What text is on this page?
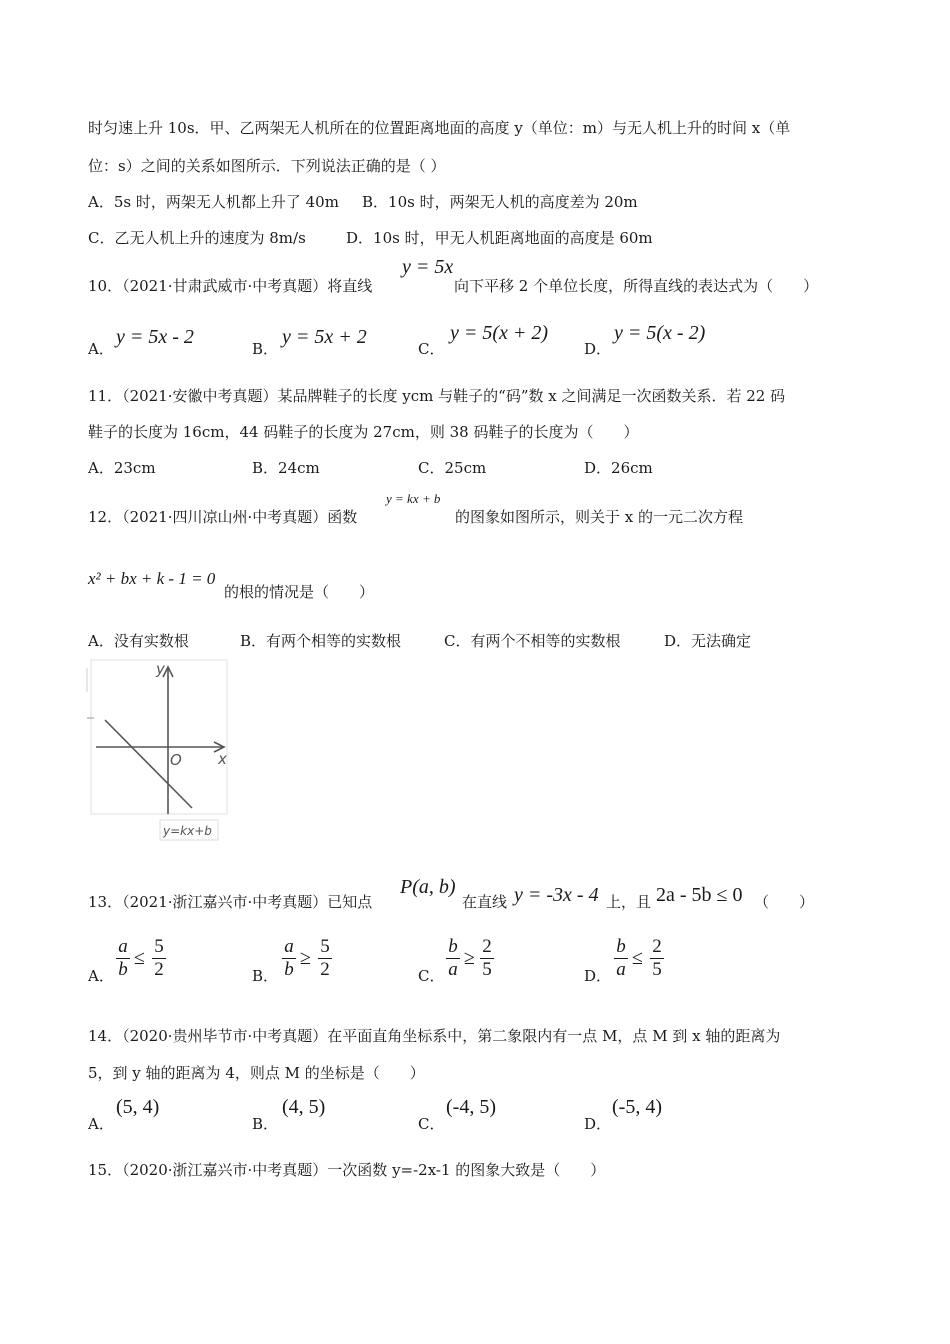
时匀速上升 10s．甲、乙两架无人机所在的位置距离地面的高度 y（单位：m）与无人机上升的时间 x（单
位：s）之间的关系如图所示．下列说法正确的是（ ）
A．5s 时，两架无人机都上升了 40m B．10s 时，两架无人机的高度差为 20m
C．乙无人机上升的速度为 8m/s	D．10s 时，甲无人机距离地面的高度是 60m
10．（2021·甘肃武威市·中考真题）将直线
y = 5x
向下平移 2 个单位长度，所得直线的表达式为（　　）
A．
y = 5x - 2
B．
y = 5x + 2
C．
y = 5(x + 2)
D．
y = 5(x - 2)
11．（2021·安徽中考真题）某品牌鞋子的长度 ycm 与鞋子的“码”数 x 之间满足一次函数关系．若 22 码
鞋子的长度为 16cm，44 码鞋子的长度为 27cm，则 38 码鞋子的长度为（　　）
A．23cm	B．24cm	C．25cm	D．26cm
12．（2021·四川凉山州·中考真题）函数
y = kx + b
的图象如图所示，则关于 x 的一元二次方程
x² + bx + k - 1 = 0
的根的情况是（　　）
A．没有实数根	B．有两个相等的实数根	C．有两个不相等的实数根	D．无法确定
y
x
O
y=kx+b
13．（2021·浙江嘉兴市·中考真题）已知点
P(a, b)
在直线 y = -3x - 4 上，且 2a - 5b ≤ 0 （　　）
A．
a
b
≤
5
2	B．
a
b
≥
5
2	C．
b
a
≥
2
5	D．
b
a
≤
2
5
14．（2020·贵州毕节市·中考真题）在平面直角坐标系中，第二象限内有一点 M，点 M 到 x 轴的距离为
5，到 y 轴的距离为 4，则点 M 的坐标是（　　）
A．
(5, 4)
B．
(4, 5)
C．
(-4, 5)
D．
(-5, 4)
15．（2020·浙江嘉兴市·中考真题）一次函数 y=-2x-1 的图象大致是（　　）
